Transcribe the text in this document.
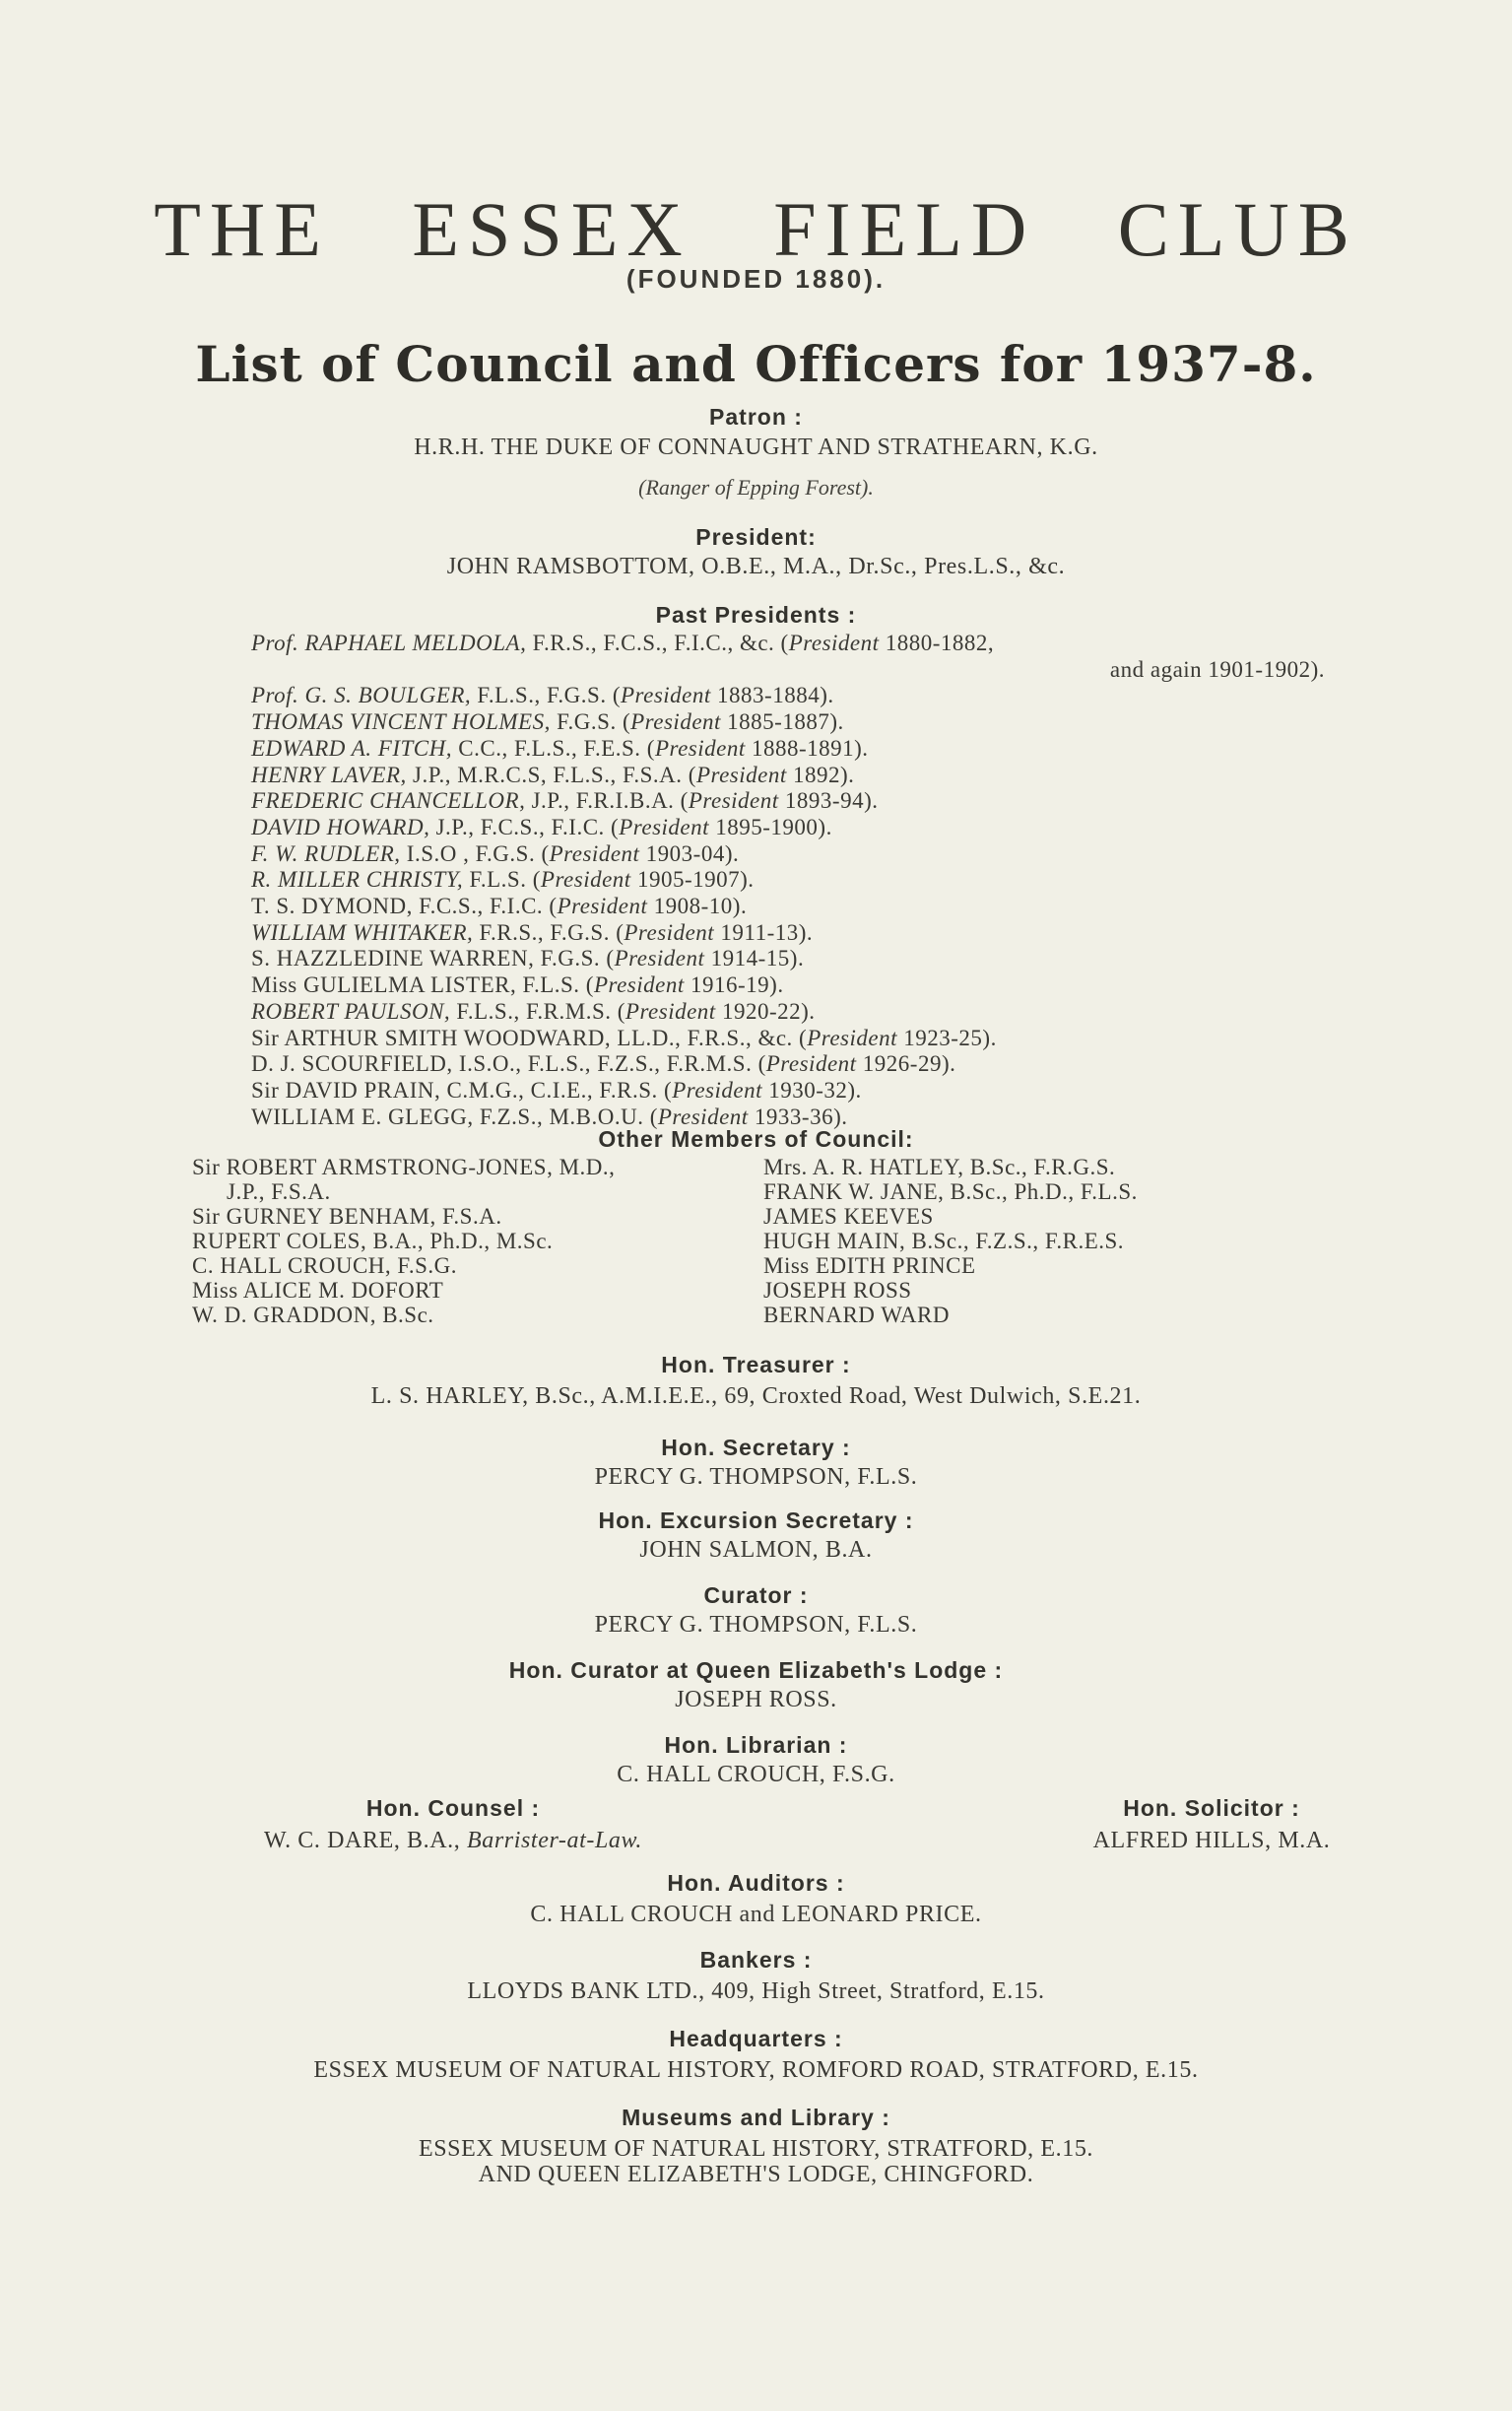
THE ESSEX FIELD CLUB
(FOUNDED 1880).
List of Council and Officers for 1937-8.
Patron :
H.R.H. THE DUKE OF CONNAUGHT AND STRATHEARN, K.G.
(Ranger of Epping Forest).
President:
JOHN RAMSBOTTOM, O.B.E., M.A., Dr.Sc., Pres.L.S., &c.
Past Presidents :
Prof. RAPHAEL MELDOLA, F.R.S., F.C.S., F.I.C., &c. (President 1880-1882,
and again 1901-1902).
Prof. G. S. BOULGER, F.L.S., F.G.S. (President 1883-1884).
THOMAS VINCENT HOLMES, F.G.S. (President 1885-1887).
EDWARD A. FITCH, C.C., F.L.S., F.E.S. (President 1888-1891).
HENRY LAVER, J.P., M.R.C.S, F.L.S., F.S.A. (President 1892).
FREDERIC CHANCELLOR, J.P., F.R.I.B.A. (President 1893-94).
DAVID HOWARD, J.P., F.C.S., F.I.C. (President 1895-1900).
F. W. RUDLER, I.S.O , F.G.S. (President 1903-04).
R. MILLER CHRISTY, F.L.S. (President 1905-1907).
T. S. DYMOND, F.C.S., F.I.C. (President 1908-10).
WILLIAM WHITAKER, F.R.S., F.G.S. (President 1911-13).
S. HAZZLEDINE WARREN, F.G.S. (President 1914-15).
Miss GULIELMA LISTER, F.L.S. (President 1916-19).
ROBERT PAULSON, F.L.S., F.R.M.S. (President 1920-22).
Sir ARTHUR SMITH WOODWARD, LL.D., F.R.S., &c. (President 1923-25).
D. J. SCOURFIELD, I.S.O., F.L.S., F.Z.S., F.R.M.S. (President 1926-29).
Sir DAVID PRAIN, C.M.G., C.I.E., F.R.S. (President 1930-32).
WILLIAM E. GLEGG, F.Z.S., M.B.O.U. (President 1933-36).
Other Members of Council:
Sir ROBERT ARMSTRONG-JONES, M.D.,
J.P., F.S.A.
Sir GURNEY BENHAM, F.S.A.
RUPERT COLES, B.A., Ph.D., M.Sc.
C. HALL CROUCH, F.S.G.
Miss ALICE M. DOFORT
W. D. GRADDON, B.Sc.
Mrs. A. R. HATLEY, B.Sc., F.R.G.S.
FRANK W. JANE, B.Sc., Ph.D., F.L.S.
JAMES KEEVES
HUGH MAIN, B.Sc., F.Z.S., F.R.E.S.
Miss EDITH PRINCE
JOSEPH ROSS
BERNARD WARD
Hon. Treasurer :
L. S. HARLEY, B.Sc., A.M.I.E.E., 69, Croxted Road, West Dulwich, S.E.21.
Hon. Secretary :
PERCY G. THOMPSON, F.L.S.
Hon. Excursion Secretary :
JOHN SALMON, B.A.
Curator :
PERCY G. THOMPSON, F.L.S.
Hon. Curator at Queen Elizabeth's Lodge :
JOSEPH ROSS.
Hon. Librarian :
C. HALL CROUCH, F.S.G.
Hon. Counsel :
W. C. DARE, B.A., Barrister-at-Law.
Hon. Solicitor :
ALFRED HILLS, M.A.
Hon. Auditors :
C. HALL CROUCH and LEONARD PRICE.
Bankers :
LLOYDS BANK LTD., 409, High Street, Stratford, E.15.
Headquarters :
ESSEX MUSEUM OF NATURAL HISTORY, ROMFORD ROAD, STRATFORD, E.15.
Museums and Library :
ESSEX MUSEUM OF NATURAL HISTORY, STRATFORD, E.15.
AND QUEEN ELIZABETH'S LODGE, CHINGFORD.
